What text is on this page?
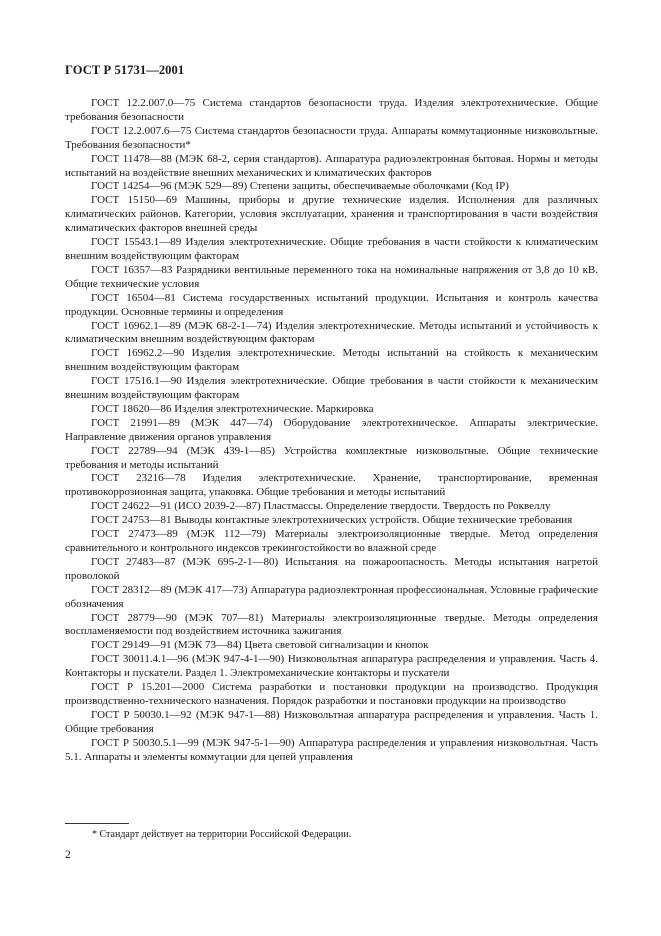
ГОСТ Р 51731—2001

ГОСТ 12.2.007.0—75 Система стандартов безопасности труда. Изделия электротехнические. Общие требования безопасности

ГОСТ 12.2.007.6—75 Система стандартов безопасности труда. Аппараты коммутационные низковольтные. Требования безопасности*

ГОСТ 11478—88 (МЭК 68-2, серия стандартов). Аппаратура радиоэлектронная бытовая. Нормы и методы испытаний на воздействие внешних механических и климатических факторов

ГОСТ 14254—96 (МЭК 529—89) Степени защиты, обеспечиваемые оболочками (Код IP)

ГОСТ 15150—69 Машины, приборы и другие технические изделия. Исполнения для различных климатических районов. Категории, условия эксплуатации, хранения и транспортирования в части воздействия климатических факторов внешней среды

ГОСТ 15543.1—89 Изделия электротехнические. Общие требования в части стойкости к климатическим внешним воздействующим факторам

ГОСТ 16357—83 Разрядники вентильные переменного тока на номинальные напряжения от 3,8 до 10 кВ. Общие технические условия

ГОСТ 16504—81 Система государственных испытаний продукции. Испытания и контроль качества продукции. Основные термины и определения

ГОСТ 16962.1—89 (МЭК 68-2-1—74) Изделия электротехнические. Методы испытаний и устойчивость к климатическим внешним воздействующим факторам

ГОСТ 16962.2—90 Изделия электротехнические. Методы испытаний на стойкость к механическим внешним воздействующим факторам

ГОСТ 17516.1—90 Изделия электротехнические. Общие требования в части стойкости к механическим внешним воздействующим факторам

ГОСТ 18620—86 Изделия электротехнические. Маркировка

ГОСТ 21991—89 (МЭК 447—74) Оборудование электротехническое. Аппараты электрические. Направление движения органов управления

ГОСТ 22789—94 (МЭК 439-1—85) Устройства комплектные низковольтные. Общие технические требования и методы испытаний

ГОСТ 23216—78 Изделия электротехнические. Хранение, транспортирование, временная противокоррозионная защита, упаковка. Общие требования и методы испытаний

ГОСТ 24622—91 (ИСО 2039-2—87) Пластмассы. Определение твердости. Твердость по Роквеллу

ГОСТ 24753—81 Выводы контактные электротехнических устройств. Общие технические требования

ГОСТ 27473—89 (МЭК 112—79) Материалы электроизоляционные твердые. Метод определения сравнительного и контрольного индексов трекингостойкости во влажной среде

ГОСТ 27483—87 (МЭК 695-2-1—80) Испытания на пожароопасность. Методы испытания нагретой проволокой

ГОСТ 28312—89 (МЭК 417—73) Аппаратура радиоэлектронная профессиональная. Условные графические обозначения

ГОСТ 28779—90 (МЭК 707—81) Материалы электроизоляционные твердые. Методы определения воспламеняемости под воздействием источника зажигания

ГОСТ 29149—91 (МЭК 73—84) Цвета световой сигнализации и кнопок

ГОСТ 30011.4.1—96 (МЭК 947-4-1—90) Низковольтная аппаратура распределения и управления. Часть 4. Контакторы и пускатели. Раздел 1. Электромеханические контакторы и пускатели

ГОСТ Р 15.201—2000 Система разработки и постановки продукции на производство. Продукция производственно-технического назначения. Порядок разработки и постановки продукции на производство

ГОСТ Р 50030.1—92 (МЭК 947-1—88) Низковольтная аппаратура распределения и управления. Часть 1. Общие требования

ГОСТ Р 50030.5.1—99 (МЭК 947-5-1—90) Аппаратура распределения и управления низковольтная. Часть 5.1. Аппараты и элементы коммутации для цепей управления

* Стандарт действует на территории Российской Федерации.
2
